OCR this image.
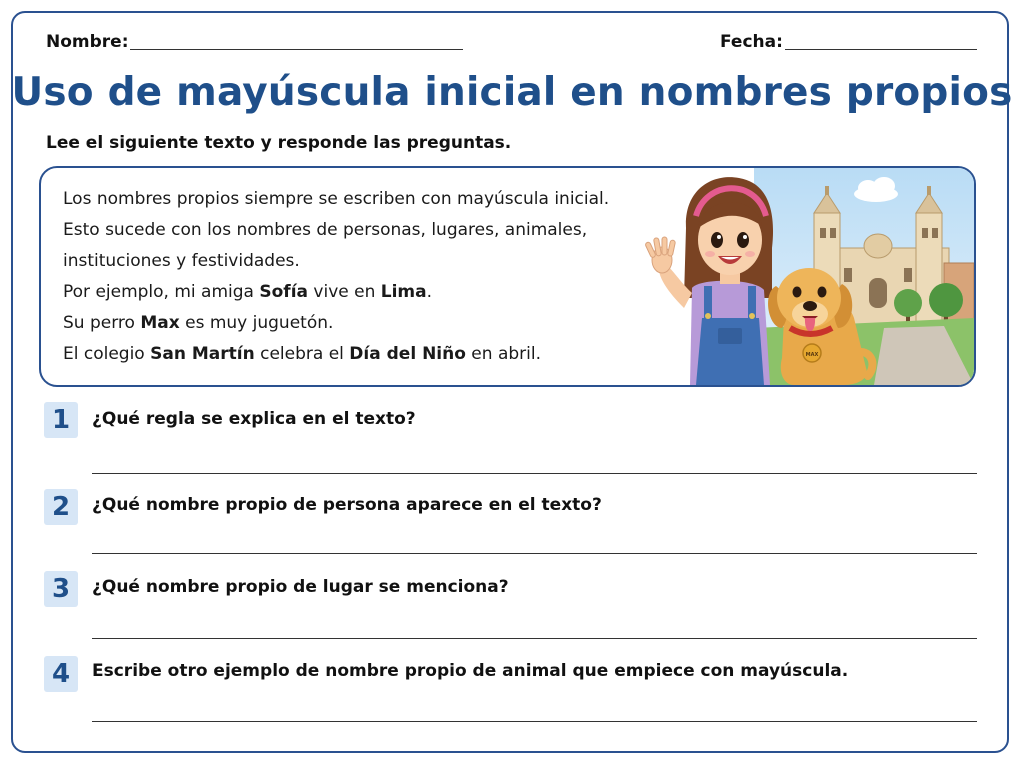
Nombre:	Fecha:
Uso de mayúscula inicial en nombres propios
Lee el siguiente texto y responde las preguntas.

Los nombres propios siempre se escriben con mayúscula inicial.

Esto sucede con los nombres de personas, lugares, animales,

instituciones y festividades.

Por ejemplo, mi amiga Sofía vive en Lima.

Su perro Max es muy juguetón.

El colegio San Martín celebra el Día del Niño en abril.	MAX
1	¿Qué regla se explica en el texto?
2	¿Qué nombre propio de persona aparece en el texto?
3	¿Qué nombre propio de lugar se menciona?
4	Escribe otro ejemplo de nombre propio de animal que empiece con mayúscula.
